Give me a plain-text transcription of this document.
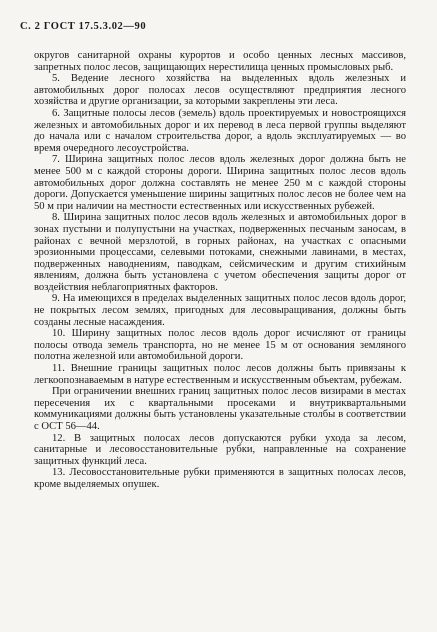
С. 2 ГОСТ 17.5.3.02—90

округов санитарной охраны курортов и особо ценных лесных массивов, запретных полос лесов, защищающих нерестилища ценных промысловых рыб.

5. Ведение лесного хозяйства на выделенных вдоль железных и автомобильных дорог полосах лесов осуществляют предприятия лесного хозяйства и другие организации, за которыми закреплены эти леса.

6. Защитные полосы лесов (земель) вдоль проектируемых и новостроящихся железных и автомобильных дорог и их перевод в леса первой группы выделяют до начала или с началом строительства дорог, а вдоль эксплуатируемых — во время очередного лесоустройства.

7. Ширина защитных полос лесов вдоль железных дорог должна быть не менее 500 м с каждой стороны дороги. Ширина защитных полос лесов вдоль автомобильных дорог должна составлять не менее 250 м с каждой стороны дороги. Допускается уменьшение ширины защитных полос лесов не более чем на 50 м при наличии на местности естественных или искусственных рубежей.

8. Ширина защитных полос лесов вдоль железных и автомобильных дорог в зонах пустыни и полупустыни на участках, подверженных песчаным заносам, в районах с вечной мерзлотой, в горных районах, на участках с опасными эрозионными процессами, селевыми потоками, снежными лавинами, в местах, подверженных наводнениям, паводкам, сейсмическим и другим стихийным явлениям, должна быть установлена с учетом обеспечения защиты дорог от воздействия неблагоприятных факторов.

9. На имеющихся в пределах выделенных защитных полос лесов вдоль дорог, не покрытых лесом землях, пригодных для лесовыращивания, должны быть созданы лесные насаждения.

10. Ширину защитных полос лесов вдоль дорог исчисляют от границы полосы отвода земель транспорта, но не менее 15 м от основания земляного полотна железной или автомобильной дороги.

11. Внешние границы защитных полос лесов должны быть привязаны к легкоопознаваемым в натуре естественным и искусственным объектам, рубежам.

При ограничении внешних границ защитных полос лесов визирами в местах пересечения их с квартальными просеками и внутриквартальными коммуникациями должны быть установлены указательные столбы в соответствии с ОСТ 56—44.

12. В защитных полосах лесов допускаются рубки ухода за лесом, санитарные и лесовосстановительные рубки, направленные на сохранение защитных функций леса.

13. Лесовосстановительные рубки применяются в защитных полосах лесов, кроме выделяемых опушек.
